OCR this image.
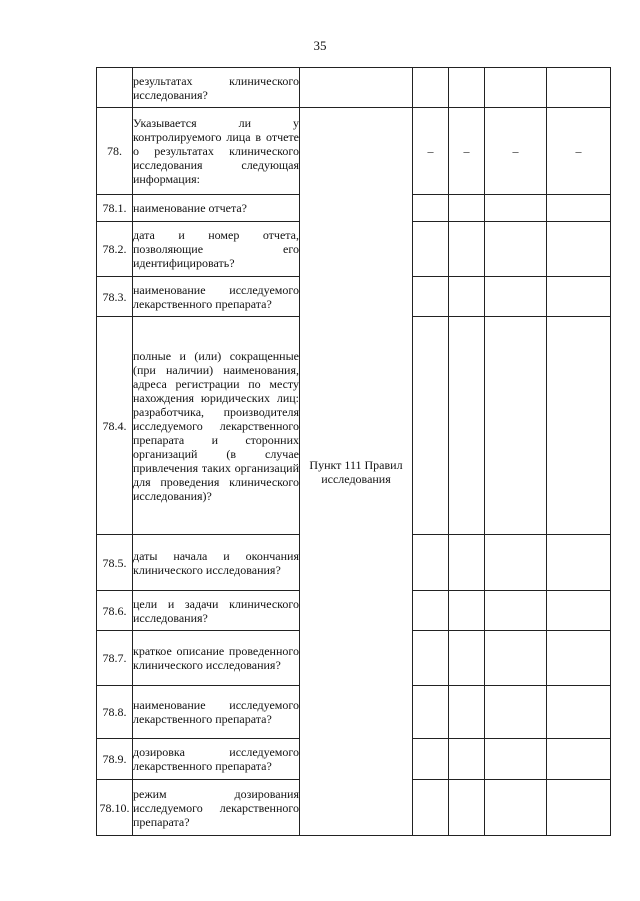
35
	результатах клинического исследования?					
78.	Указывается ли у контролируемого лица в отчете о результатах клинического исследования следующая информация:	Пункт 111 Правил исследования	–	–	–	–
78.1.	наименование отчета?					
78.2.	дата и номер отчета, позволяющие его идентифицировать?					
78.3.	наименование исследуемого лекарственного препарата?					
78.4.	полные и (или) сокращенные (при наличии) наименования, адреса регистрации по месту нахождения юридических лиц: разработчика, производителя исследуемого лекарственного препарата и сторонних организаций (в случае привлечения таких организаций для проведения клинического исследования)?					
78.5.	даты начала и окончания клинического исследования?					
78.6.	цели и задачи клинического исследования?					
78.7.	краткое описание проведенного клинического исследования?					
78.8.	наименование исследуемого лекарственного препарата?					
78.9.	дозировка исследуемого лекарственного препарата?					
78.10.	режим дозирования исследуемого лекарственного препарата?					
